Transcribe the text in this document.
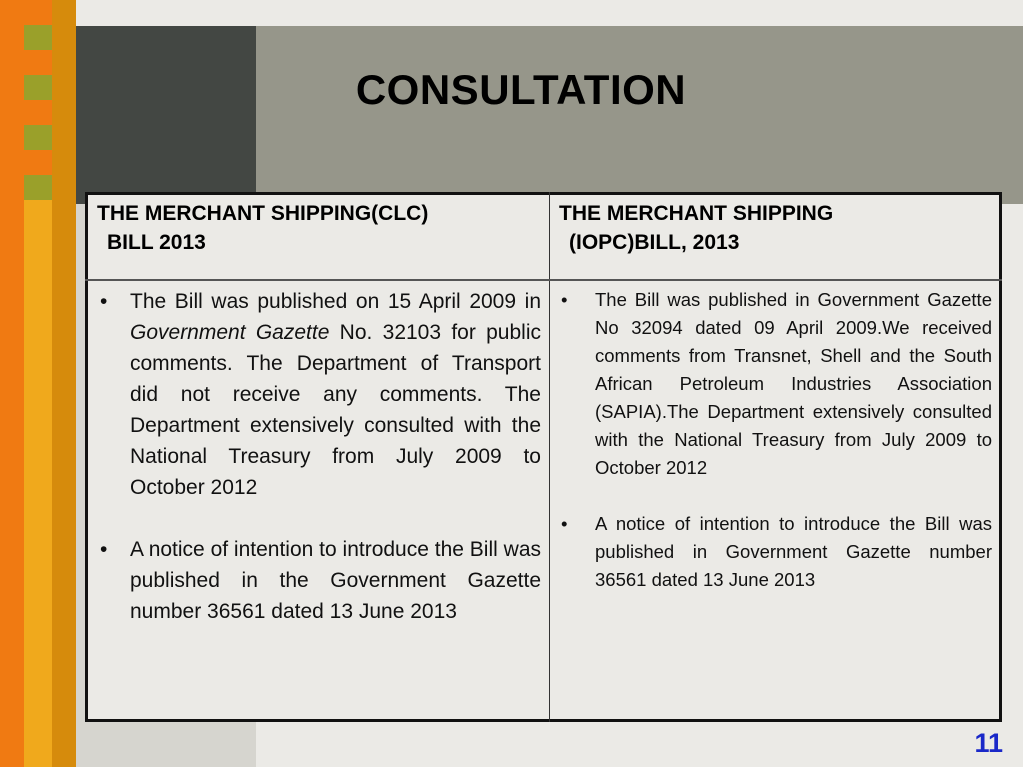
CONSULTATION
THE MERCHANT SHIPPING(CLC)
BILL 2013
THE MERCHANT SHIPPING
(IOPC)BILL, 2013
• The Bill was published on 15 April 2009 in Government Gazette No. 32103 for public comments. The Department of Transport did not receive any comments. The Department extensively consulted with the National Treasury from July 2009 to October 2012
• A notice of intention to introduce the Bill was published in the Government Gazette number 36561 dated 13 June 2013
• The Bill was published in Government Gazette No 32094 dated 09 April 2009.We received comments from Transnet, Shell and the South African Petroleum Industries Association (SAPIA).The Department extensively consulted with the National Treasury from July 2009 to October 2012
• A notice of intention to introduce the Bill was published in Government Gazette number 36561 dated 13 June 2013
11
